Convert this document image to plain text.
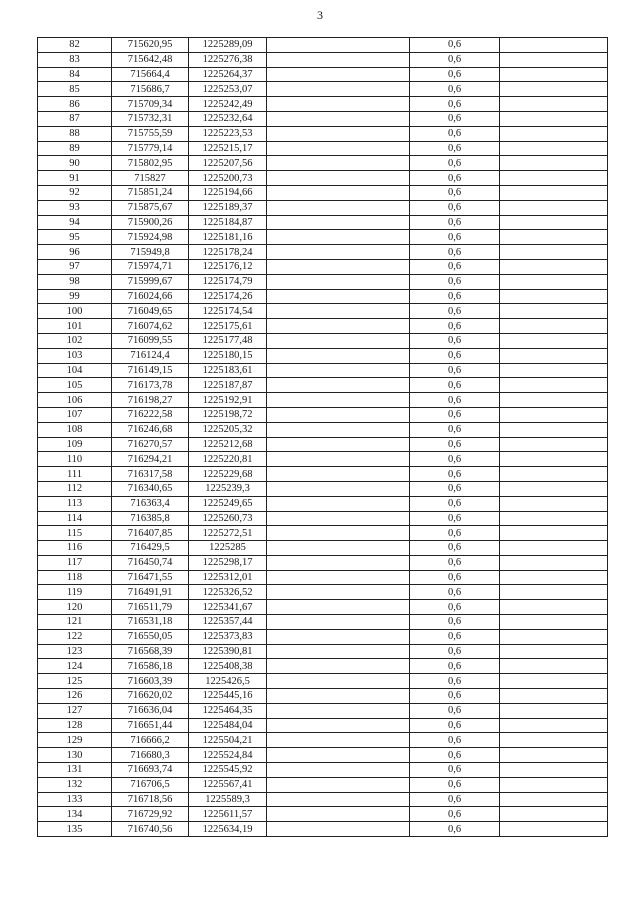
3
82	715620,95	1225289,09		0,6	
83	715642,48	1225276,38		0,6	
84	715664,4	1225264,37		0,6	
85	715686,7	1225253,07		0,6	
86	715709,34	1225242,49		0,6	
87	715732,31	1225232,64		0,6	
88	715755,59	1225223,53		0,6	
89	715779,14	1225215,17		0,6	
90	715802,95	1225207,56		0,6	
91	715827	1225200,73		0,6	
92	715851,24	1225194,66		0,6	
93	715875,67	1225189,37		0,6	
94	715900,26	1225184,87		0,6	
95	715924,98	1225181,16		0,6	
96	715949,8	1225178,24		0,6	
97	715974,71	1225176,12		0,6	
98	715999,67	1225174,79		0,6	
99	716024,66	1225174,26		0,6	
100	716049,65	1225174,54		0,6	
101	716074,62	1225175,61		0,6	
102	716099,55	1225177,48		0,6	
103	716124,4	1225180,15		0,6	
104	716149,15	1225183,61		0,6	
105	716173,78	1225187,87		0,6	
106	716198,27	1225192,91		0,6	
107	716222,58	1225198,72		0,6	
108	716246,68	1225205,32		0,6	
109	716270,57	1225212,68		0,6	
110	716294,21	1225220,81		0,6	
111	716317,58	1225229,68		0,6	
112	716340,65	1225239,3		0,6	
113	716363,4	1225249,65		0,6	
114	716385,8	1225260,73		0,6	
115	716407,85	1225272,51		0,6	
116	716429,5	1225285		0,6	
117	716450,74	1225298,17		0,6	
118	716471,55	1225312,01		0,6	
119	716491,91	1225326,52		0,6	
120	716511,79	1225341,67		0,6	
121	716531,18	1225357,44		0,6	
122	716550,05	1225373,83		0,6	
123	716568,39	1225390,81		0,6	
124	716586,18	1225408,38		0,6	
125	716603,39	1225426,5		0,6	
126	716620,02	1225445,16		0,6	
127	716636,04	1225464,35		0,6	
128	716651,44	1225484,04		0,6	
129	716666,2	1225504,21		0,6	
130	716680,3	1225524,84		0,6	
131	716693,74	1225545,92		0,6	
132	716706,5	1225567,41		0,6	
133	716718,56	1225589,3		0,6	
134	716729,92	1225611,57		0,6	
135	716740,56	1225634,19		0,6	
